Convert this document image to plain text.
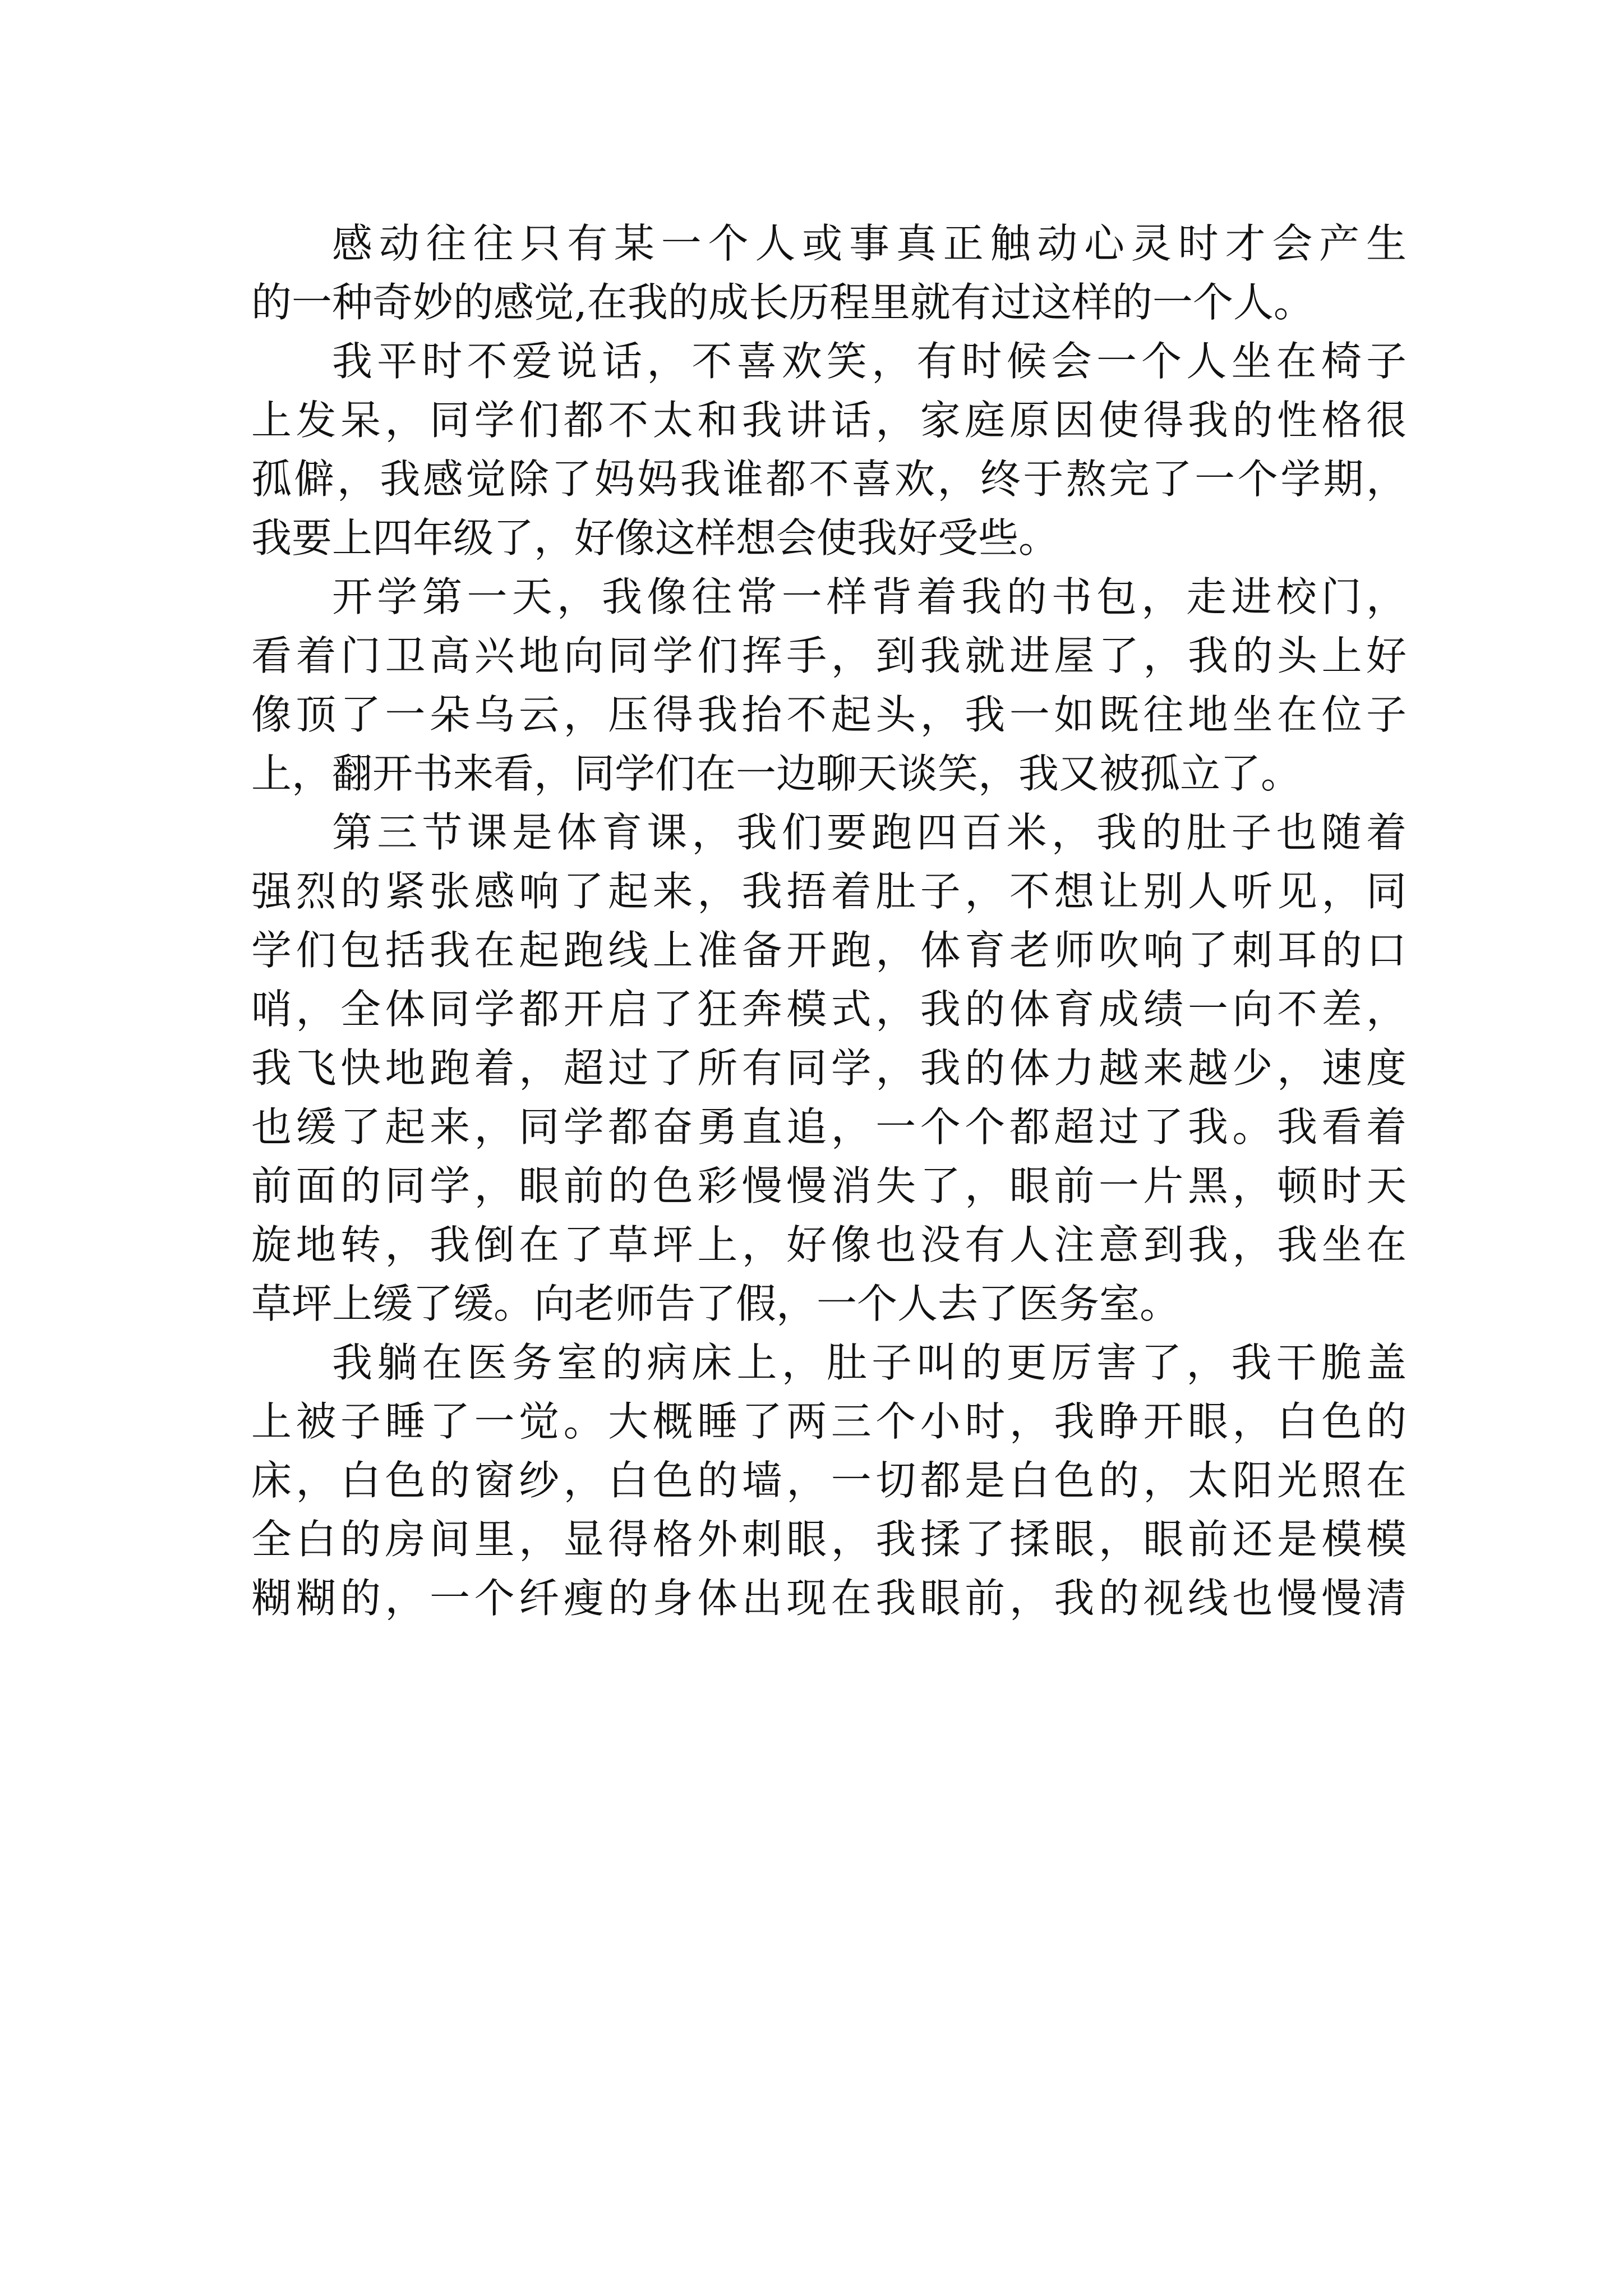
感动往往只有某一个人或事真正触动心灵时才会产生
的一种奇妙的感觉,在我的成长历程里就有过这样的一个人。
我平时不爱说话，不喜欢笑，有时候会一个人坐在椅子
上发呆，同学们都不太和我讲话，家庭原因使得我的性格很
孤僻，我感觉除了妈妈我谁都不喜欢，终于熬完了一个学期，
我要上四年级了，好像这样想会使我好受些。
开学第一天，我像往常一样背着我的书包，走进校门，
看着门卫高兴地向同学们挥手，到我就进屋了，我的头上好
像顶了一朵乌云，压得我抬不起头，我一如既往地坐在位子
上，翻开书来看，同学们在一边聊天谈笑，我又被孤立了。
第三节课是体育课，我们要跑四百米，我的肚子也随着
强烈的紧张感响了起来，我捂着肚子，不想让别人听见，同
学们包括我在起跑线上准备开跑，体育老师吹响了刺耳的口
哨，全体同学都开启了狂奔模式，我的体育成绩一向不差，
我飞快地跑着，超过了所有同学，我的体力越来越少，速度
也缓了起来，同学都奋勇直追，一个个都超过了我。我看着
前面的同学，眼前的色彩慢慢消失了，眼前一片黑，顿时天
旋地转，我倒在了草坪上，好像也没有人注意到我，我坐在
草坪上缓了缓。向老师告了假，一个人去了医务室。
我躺在医务室的病床上，肚子叫的更厉害了，我干脆盖
上被子睡了一觉。大概睡了两三个小时，我睁开眼，白色的
床，白色的窗纱，白色的墙，一切都是白色的，太阳光照在
全白的房间里，显得格外刺眼，我揉了揉眼，眼前还是模模
糊糊的，一个纤瘦的身体出现在我眼前，我的视线也慢慢清
